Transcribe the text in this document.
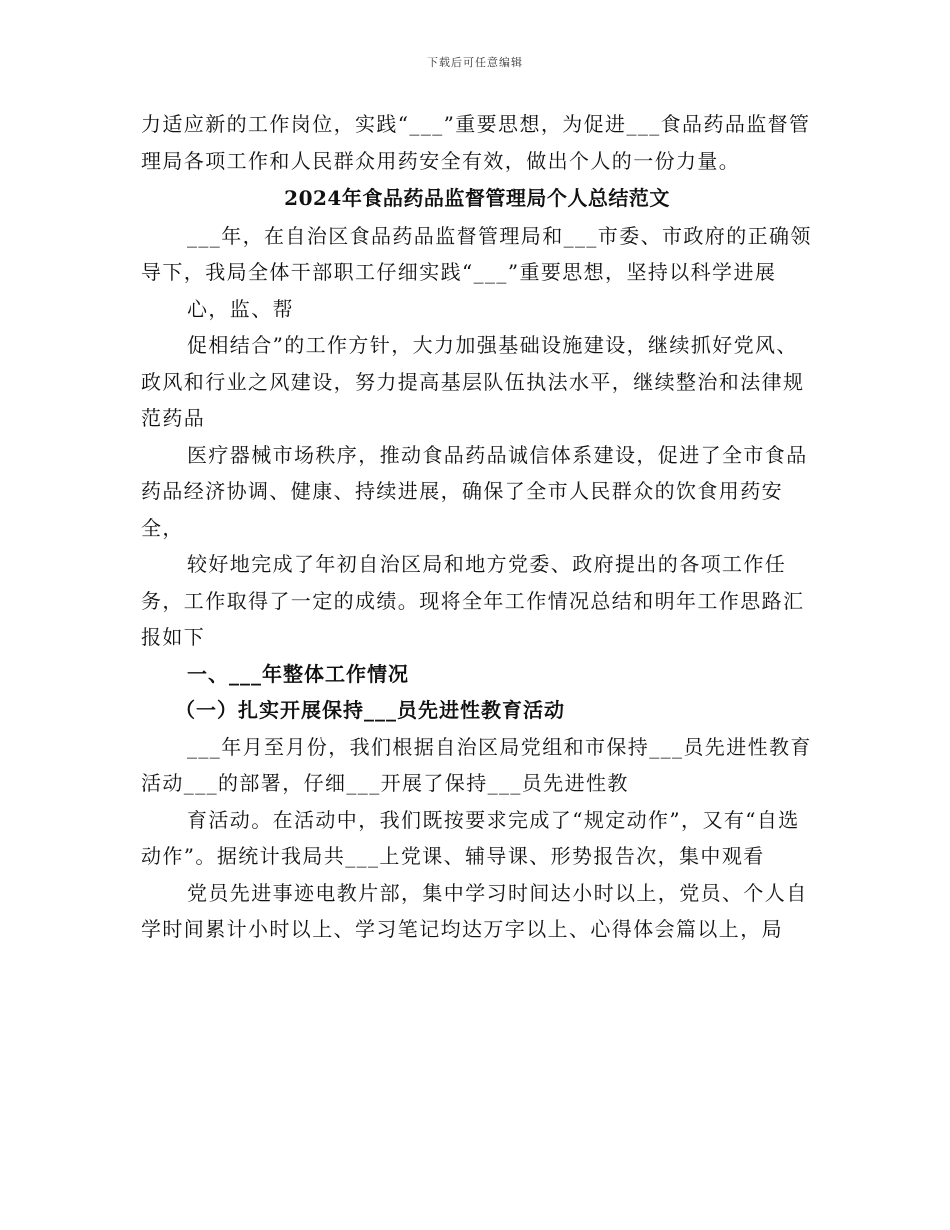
下载后可任意编辑

力适应新的工作岗位，实践“___”重要思想，为促进___食品药品监督管理局各项工作和人民群众用药安全有效，做出个人的一份力量。

2024年食品药品监督管理局个人总结范文

___年，在自治区食品药品监督管理局和___市委、市政府的正确领导下，我局全体干部职工仔细实践“___”重要思想，坚持以科学进展

心，监、帮

促相结合”的工作方针，大力加强基础设施建设，继续抓好党风、政风和行业之风建设，努力提高基层队伍执法水平，继续整治和法律规范药品

医疗器械市场秩序，推动食品药品诚信体系建设，促进了全市食品药品经济协调、健康、持续进展，确保了全市人民群众的饮食用药安全，

较好地完成了年初自治区局和地方党委、政府提出的各项工作任务，工作取得了一定的成绩。现将全年工作情况总结和明年工作思路汇报如下

一、___年整体工作情况

（一）扎实开展保持___员先进性教育活动

___年月至月份，我们根据自治区局党组和市保持___员先进性教育活动___的部署，仔细___开展了保持___员先进性教

育活动。在活动中，我们既按要求完成了“规定动作”，又有“自选动作”。据统计我局共___上党课、辅导课、形势报告次，集中观看

党员先进事迹电教片部，集中学习时间达小时以上，党员、个人自学时间累计小时以上、学习笔记均达万字以上、心得体会篇以上，局
